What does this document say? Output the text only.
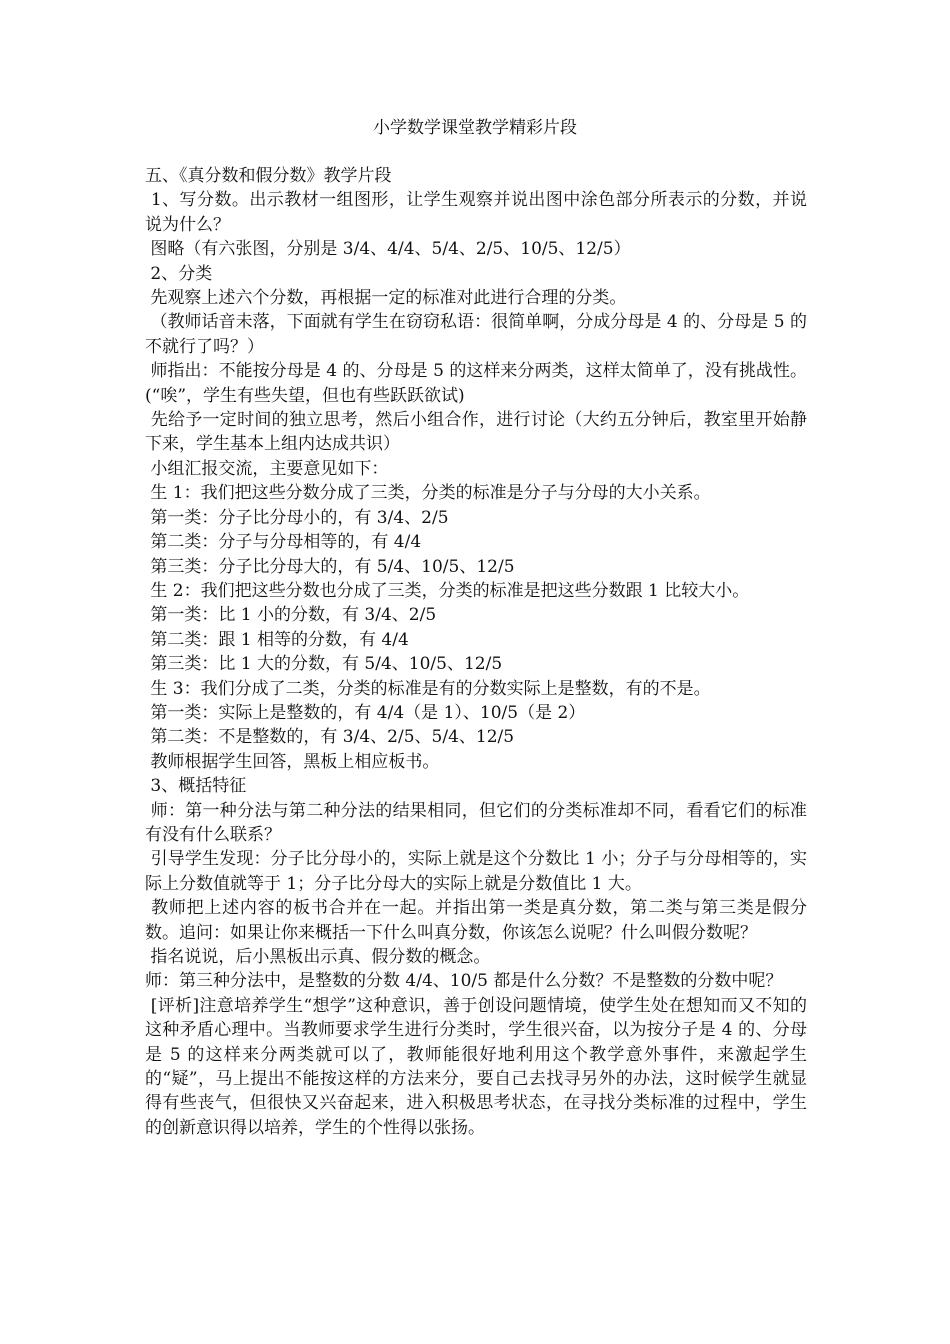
小学数学课堂教学精彩片段

五、《真分数和假分数》教学片段

1、写分数。出示教材一组图形，让学生观察并说出图中涂色部分所表示的分数，并说说为什么？

图略（有六张图，分别是 3/4、4/4、5/4、2/5、10/5、12/5）

2、分类

先观察上述六个分数，再根据一定的标准对此进行合理的分类。

（教师话音未落，下面就有学生在窃窃私语：很简单啊，分成分母是 4 的、分母是 5 的不就行了吗？）

师指出：不能按分母是 4 的、分母是 5 的这样来分两类，这样太简单了，没有挑战性。(“唉”，学生有些失望，但也有些跃跃欲试)

先给予一定时间的独立思考，然后小组合作，进行讨论（大约五分钟后，教室里开始静下来，学生基本上组内达成共识）

小组汇报交流，主要意见如下：

生 1：我们把这些分数分成了三类，分类的标准是分子与分母的大小关系。

第一类：分子比分母小的，有 3/4、2/5

第二类：分子与分母相等的，有 4/4

第三类：分子比分母大的，有 5/4、10/5、12/5

生 2：我们把这些分数也分成了三类，分类的标准是把这些分数跟 1 比较大小。

第一类：比 1 小的分数，有 3/4、2/5

第二类：跟 1 相等的分数，有 4/4

第三类：比 1 大的分数，有 5/4、10/5、12/5

生 3：我们分成了二类，分类的标准是有的分数实际上是整数，有的不是。

第一类：实际上是整数的，有 4/4（是 1）、10/5（是 2）

第二类：不是整数的，有 3/4、2/5、5/4、12/5

教师根据学生回答，黑板上相应板书。

3、概括特征

师：第一种分法与第二种分法的结果相同，但它们的分类标准却不同，看看它们的标准有没有什么联系？

引导学生发现：分子比分母小的，实际上就是这个分数比 1 小；分子与分母相等的，实际上分数值就等于 1；分子比分母大的实际上就是分数值比 1 大。

教师把上述内容的板书合并在一起。并指出第一类是真分数，第二类与第三类是假分数。追问：如果让你来概括一下什么叫真分数，你该怎么说呢？什么叫假分数呢？

指名说说，后小黑板出示真、假分数的概念。

师：第三种分法中，是整数的分数 4/4、10/5 都是什么分数？不是整数的分数中呢？

[评析]注意培养学生“想学”这种意识，善于创设问题情境，使学生处在想知而又不知的这种矛盾心理中。当教师要求学生进行分类时，学生很兴奋，以为按分子是 4 的、分母是 5 的这样来分两类就可以了，教师能很好地利用这个教学意外事件，来激起学生的“疑”，马上提出不能按这样的方法来分，要自己去找寻另外的办法，这时候学生就显得有些丧气，但很快又兴奋起来，进入积极思考状态，在寻找分类标准的过程中，学生的创新意识得以培养，学生的个性得以张扬。
